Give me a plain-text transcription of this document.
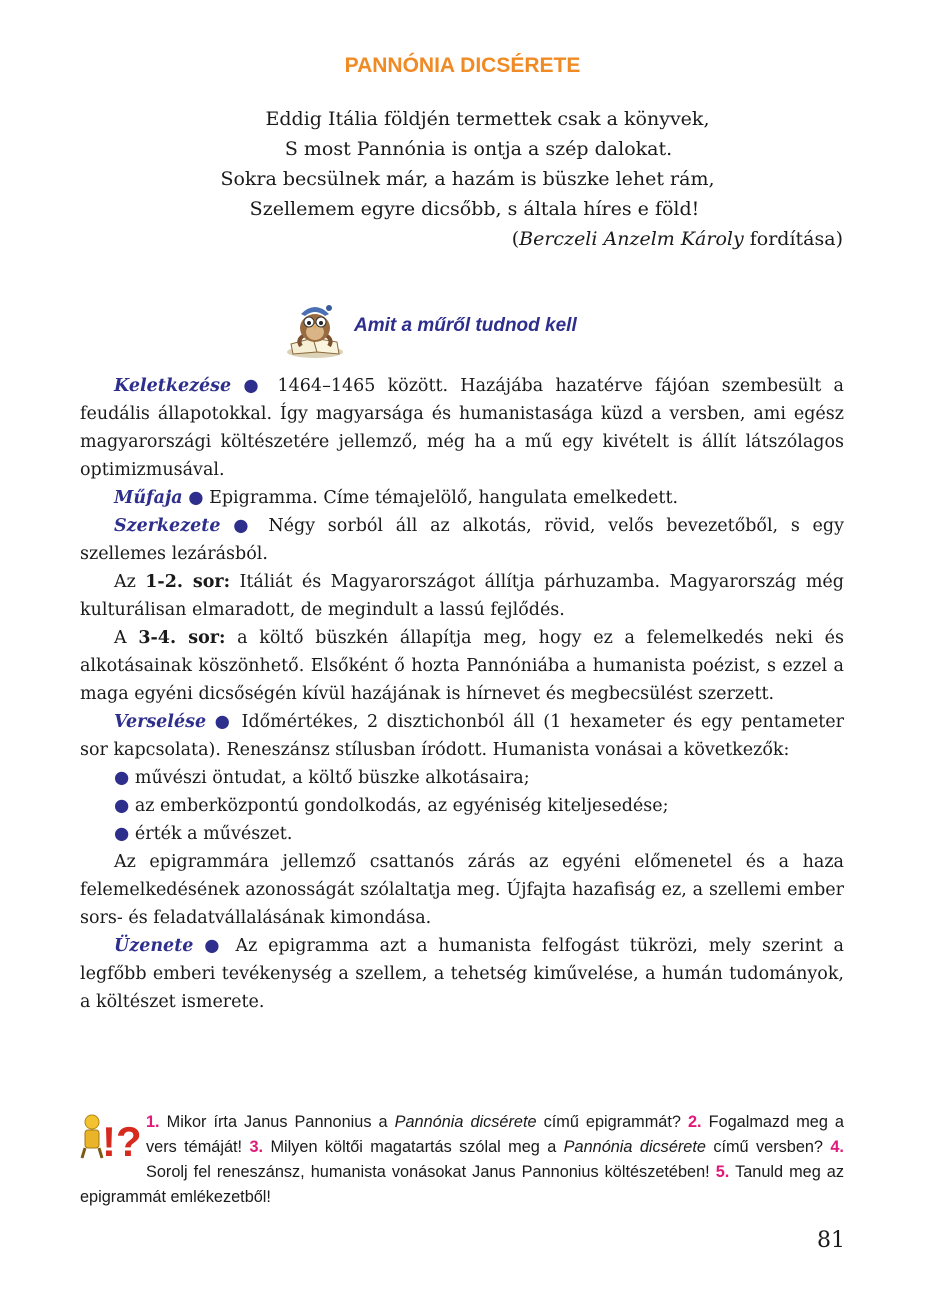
PANNÓNIA DICSÉRETE
Eddig Itália földjén termettek csak a könyvek,
S most Pannónia is ontja a szép dalokat.
Sokra becsülnek már, a hazám is büszke lehet rám,
Szellemem egyre dicsőbb, s általa híres e föld!
(Berczeli Anzelm Károly fordítása)
Amit a műről tudnod kell

Keletkezése ● 1464–1465 között. Hazájába hazatérve fájóan szembesült a feudális állapotokkal. Így magyarsága és humanistasága küzd a versben, ami egész magyarországi költészetére jellemző, még ha a mű egy kivételt is állít látszólagos optimizmusával.

Műfaja ● Epigramma. Címe témajelölő, hangulata emelkedett.

Szerkezete ● Négy sorból áll az alkotás, rövid, velős bevezetőből, s egy szellemes lezárásból.

Az 1-2. sor: Itáliát és Magyarországot állítja párhuzamba. Magyarország még kulturálisan elmaradott, de megindult a lassú fejlődés.

A 3-4. sor: a költő büszkén állapítja meg, hogy ez a felemelkedés neki és alkotásainak köszönhető. Elsőként ő hozta Pannóniába a humanista poézist, s ezzel a maga egyéni dicsőségén kívül hazájának is hírnevet és megbecsülést szerzett.

Verselése ● Időmértékes, 2 disztichonból áll (1 hexameter és egy pentameter sor kapcsolata). Reneszánsz stílusban íródott. Humanista vonásai a következők:

● művészi öntudat, a költő büszke alkotásaira;

● az emberközpontú gondolkodás, az egyéniség kiteljesedése;

● érték a művészet.

Az epigrammára jellemző csattanós zárás az egyéni előmenetel és a haza felemelkedésének azonosságát szólaltatja meg. Újfajta hazafiság ez, a szellemi ember sors- és feladatvállalásának kimondása.

Üzenete ● Az epigramma azt a humanista felfogást tükrözi, mely szerint a legfőbb emberi tevékenység a szellem, a tehetség kiművelése, a humán tudományok, a költészet ismerete.

!? 1. Mikor írta Janus Pannonius a Pannónia dicsérete című epigrammát? 2. Fogalmazd meg a vers témáját! 3. Milyen költői magatartás szólal meg a Pannónia dicsérete című versben? 4. Sorolj fel reneszánsz, humanista vonásokat Janus Pannonius költészetében! 5. Tanuld meg az epigrammát emlékezetből!
81
